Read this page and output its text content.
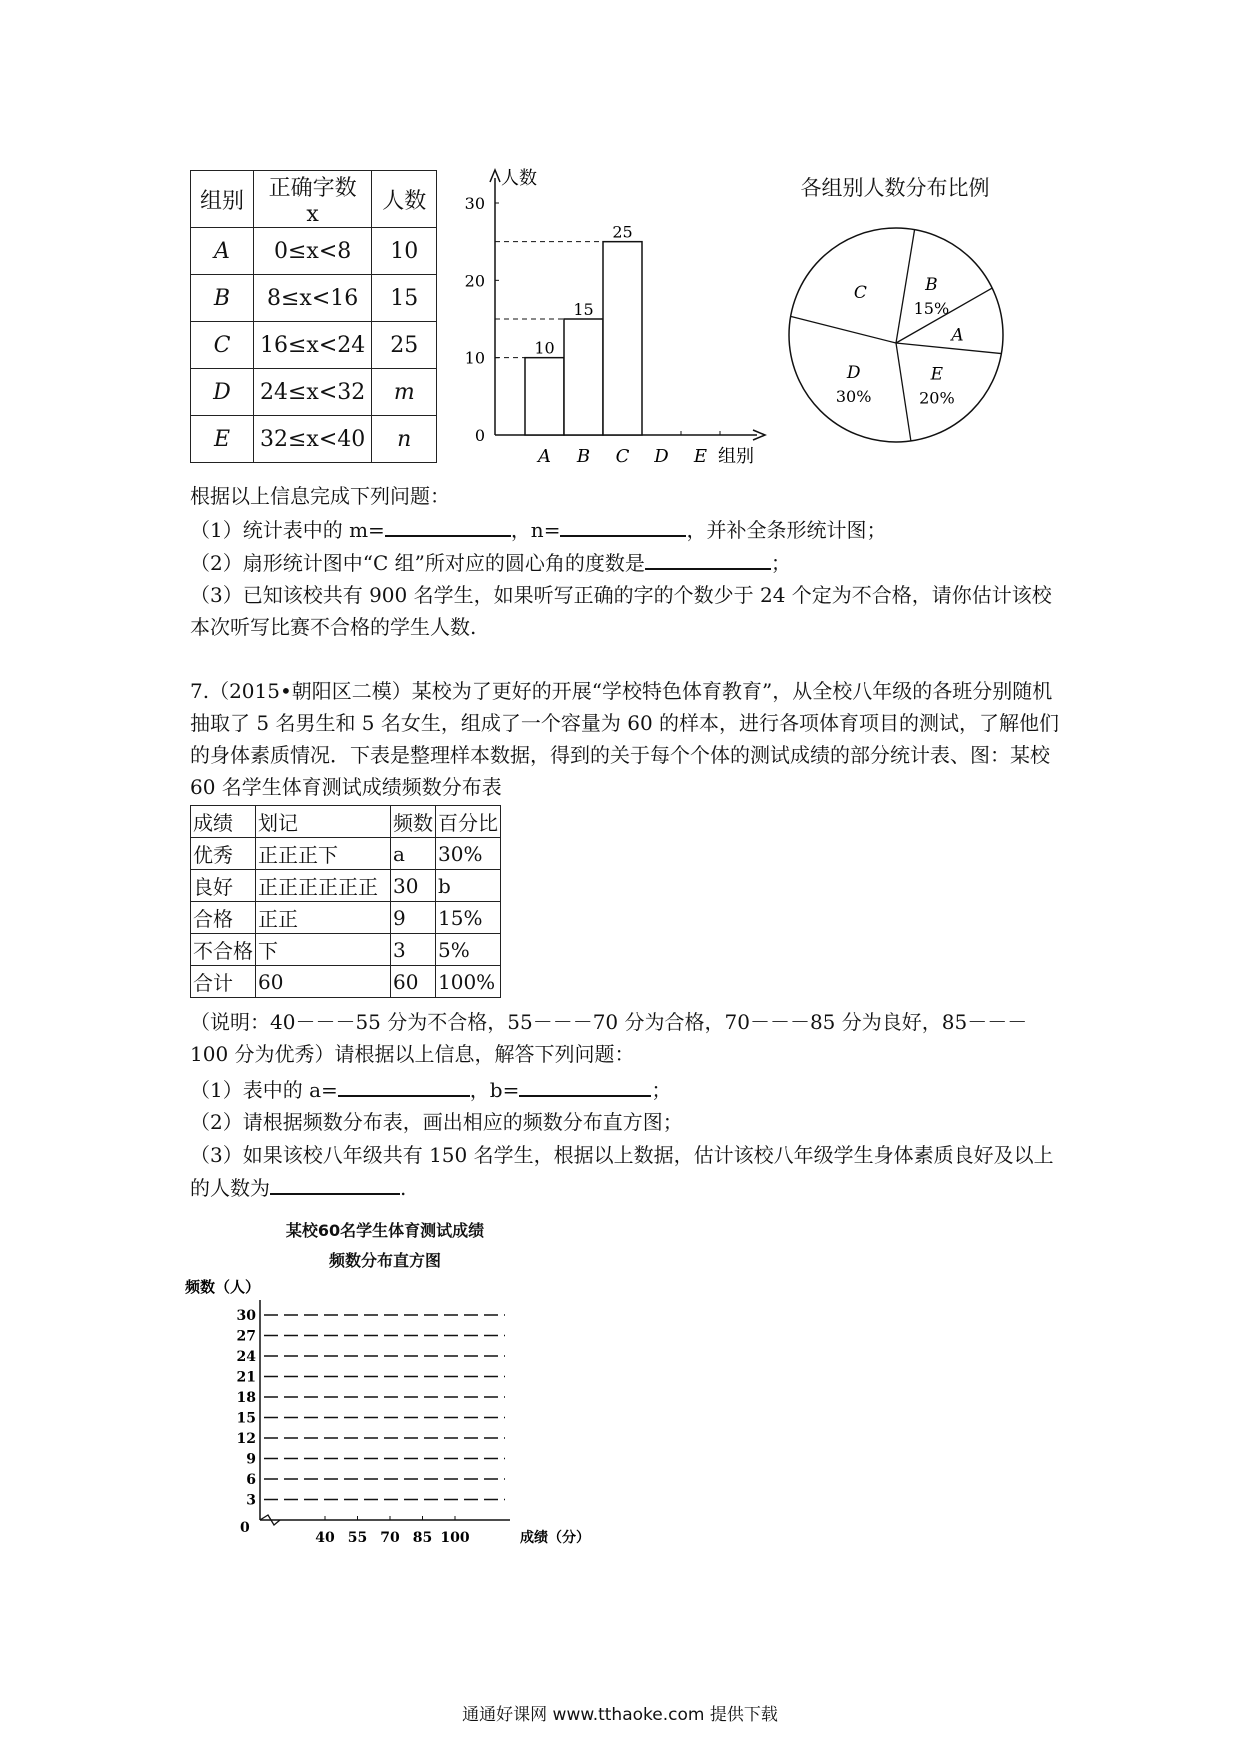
组别	正确字数 x	人数
A	0≤x<8	10
B	8≤x<16	15
C	16≤x<24	25
D	24≤x<32	m
E	32≤x<40	n
人数
0
10
20
30
A B C D E 组别
10
15
25
各组别人数分布比例
B
15%
A
E
20%
D
30%
C
根据以上信息完成下列问题：
（1）统计表中的 m=	，n=	，并补全条形统计图；
（2）扇形统计图中“C 组”所对应的圆心角的度数是	；
（3）已知该校共有 900 名学生，如果听写正确的字的个数少于 24 个定为不合格，请你估计该校本次听写比赛不合格的学生人数.
7.（2015•朝阳区二模）某校为了更好的开展“学校特色体育教育”，从全校八年级的各班分别随机抽取了 5 名男生和 5 名女生，组成了一个容量为 60 的样本，进行各项体育项目的测试，了解他们的身体素质情况．下表是整理样本数据，得到的关于每个个体的测试成绩的部分统计表、图：某校 60 名学生体育测试成绩频数分布表
成绩	划记	频数	百分比
优秀	正正正下	a	30%
良好	正正正正正正	30	b
合格	正正	9	15%
不合格	下	3	5%
合计	60	60	100%
（说明：40－－－55 分为不合格，55－－－70 分为合格，70－－－85 分为良好，85－－－100 分为优秀）请根据以上信息，解答下列问题：
（1）表中的 a=	，b=	；
（2）请根据频数分布表，画出相应的频数分布直方图；
（3）如果该校八年级共有 150 名学生，根据以上数据，估计该校八年级学生身体素质良好及以上的人数为	.
某校60名学生体育测试成绩
频数分布直方图
频数（人）
0
3
6
9
12
15
18
21
24
27
30
40 55 70 85 100	成绩（分）
通通好课网 www.tthaoke.com 提供下载
